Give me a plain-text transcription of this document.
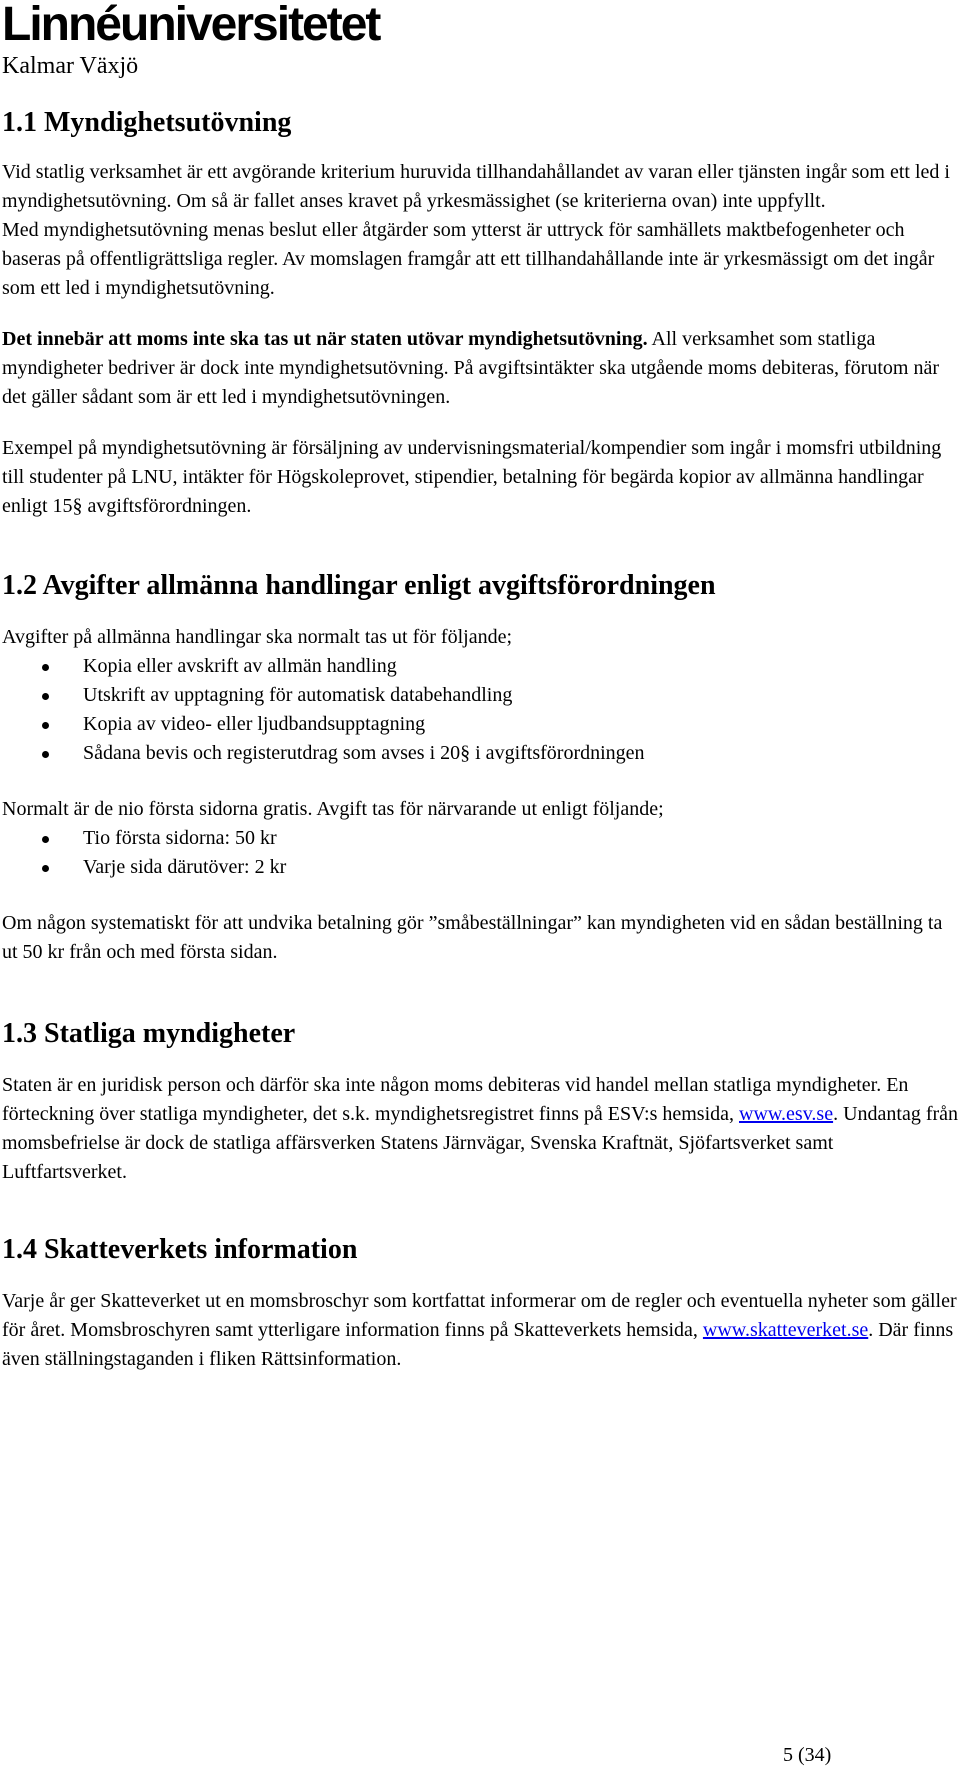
Linnéuniversitetet
Kalmar Växjö
1.1 Myndighetsutövning

Vid statlig verksamhet är ett avgörande kriterium huruvida tillhandahållandet av varan eller tjänsten ingår som ett led i myndighetsutövning. Om så är fallet anses kravet på yrkesmässighet (se kriterierna ovan) inte uppfyllt.

Med myndighetsutövning menas beslut eller åtgärder som ytterst är uttryck för samhällets maktbefogenheter och baseras på offentligrättsliga regler. Av momslagen framgår att ett tillhandahållande inte är yrkesmässigt om det ingår som ett led i myndighetsutövning.

Det innebär att moms inte ska tas ut när staten utövar myndighetsutövning. All verksamhet som statliga myndigheter bedriver är dock inte myndighetsutövning. På avgiftsintäkter ska utgående moms debiteras, förutom när det gäller sådant som är ett led i myndighetsutövningen.

Exempel på myndighetsutövning är försäljning av undervisningsmaterial/kompendier som ingår i momsfri utbildning till studenter på LNU, intäkter för Högskoleprovet, stipendier, betalning för begärda kopior av allmänna handlingar enligt 15§ avgiftsförordningen.

1.2 Avgifter allmänna handlingar enligt avgiftsförordningen

Avgifter på allmänna handlingar ska normalt tas ut för följande;

Kopia eller avskrift av allmän handling
Utskrift av upptagning för automatisk databehandling
Kopia av video- eller ljudbandsupptagning
Sådana bevis och registerutdrag som avses i 20§ i avgiftsförordningen

Normalt är de nio första sidorna gratis. Avgift tas för närvarande ut enligt följande;

Tio första sidorna: 50 kr
Varje sida därutöver: 2 kr

Om någon systematiskt för att undvika betalning gör ”småbeställningar” kan myndigheten vid en sådan beställning ta ut 50 kr från och med första sidan.

1.3 Statliga myndigheter

Staten är en juridisk person och därför ska inte någon moms debiteras vid handel mellan statliga myndigheter. En förteckning över statliga myndigheter, det s.k. myndighetsregistret finns på ESV:s hemsida, www.esv.se. Undantag från momsbefrielse är dock de statliga affärsverken Statens Järnvägar, Svenska Kraftnät, Sjöfartsverket samt Luftfartsverket.

1.4 Skatteverkets information

Varje år ger Skatteverket ut en momsbroschyr som kortfattat informerar om de regler och eventuella nyheter som gäller för året. Momsbroschyren samt ytterligare information finns på Skatteverkets hemsida, www.skatteverket.se. Där finns även ställningstaganden i fliken Rättsinformation.

5 (34)
